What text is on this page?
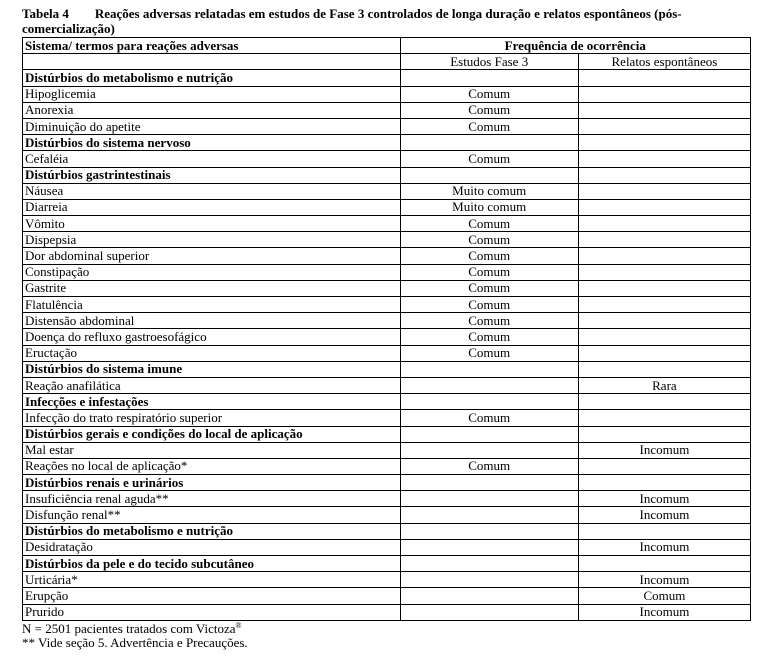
Tabela 4 Reações adversas relatadas em estudos de Fase 3 controlados de longa duração e relatos espontâneos (pós-comercialização)

Sistema/ termos para reações adversas	Frequência de ocorrência	
	Estudos Fase 3	Relatos espontâneos
Distúrbios do metabolismo e nutrição		
Hipoglicemia	Comum	
Anorexia	Comum	
Diminuição do apetite	Comum	
Distúrbios do sistema nervoso		
Cefaléia	Comum	
Distúrbios gastrintestinais		
Náusea	Muito comum	
Diarreia	Muito comum	
Vômito	Comum	
Dispepsia	Comum	
Dor abdominal superior	Comum	
Constipação	Comum	
Gastrite	Comum	
Flatulência	Comum	
Distensão abdominal	Comum	
Doença do refluxo gastroesofágico	Comum	
Eructação	Comum	
Distúrbios do sistema imune		
Reação anafilática		Rara
Infecções e infestações		
Infecção do trato respiratório superior	Comum	
Distúrbios gerais e condições do local de aplicação		
Mal estar		Incomum
Reações no local de aplicação*	Comum	
Distúrbios renais e urinários		
Insuficiência renal aguda**		Incomum
Disfunção renal**		Incomum
Distúrbios do metabolismo e nutrição		
Desidratação		Incomum
Distúrbios da pele e do tecido subcutâneo		
Urticária*		Incomum
Erupção		Comum
Prurido		Incomum
N = 2501 pacientes tratados com Victoza®
** Vide seção 5. Advertência e Precauções.
